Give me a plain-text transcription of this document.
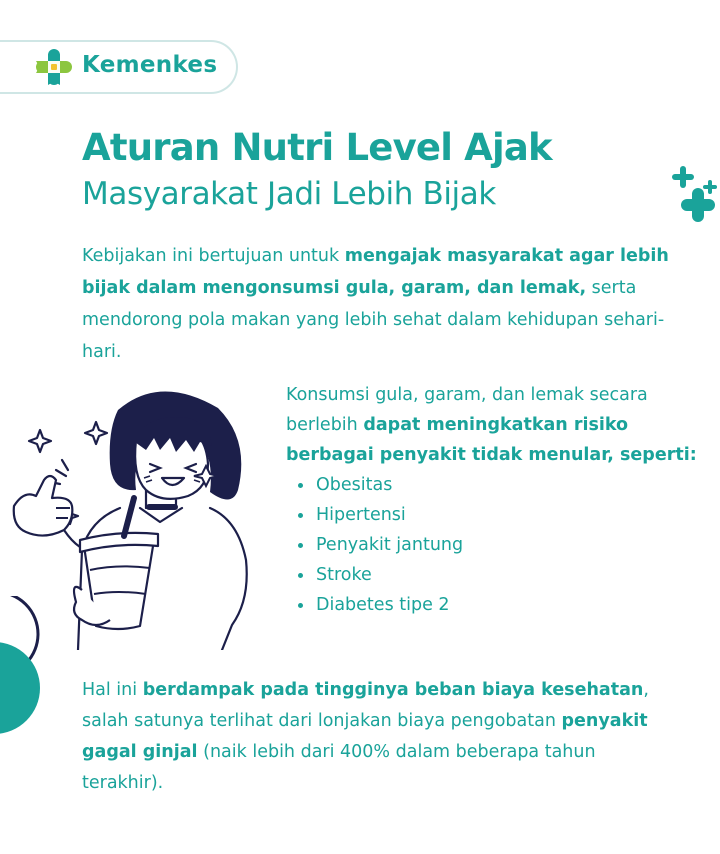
Kemenkes
Aturan Nutri Level Ajak
Masyarakat Jadi Lebih Bijak
Kebijakan ini bertujuan untuk mengajak masyarakat agar lebih bijak dalam mengonsumsi gula, garam, dan lemak, serta mendorong pola makan yang lebih sehat dalam kehidupan sehari-hari.

Konsumsi gula, garam, dan lemak secara berlebih dapat meningkatkan risiko berbagai penyakit tidak menular, seperti:

Obesitas
Hipertensi
Penyakit jantung
Stroke
Diabetes tipe 2
Hal ini berdampak pada tingginya beban biaya kesehatan, salah satunya terlihat dari lonjakan biaya pengobatan penyakit gagal ginjal (naik lebih dari 400% dalam beberapa tahun terakhir).
